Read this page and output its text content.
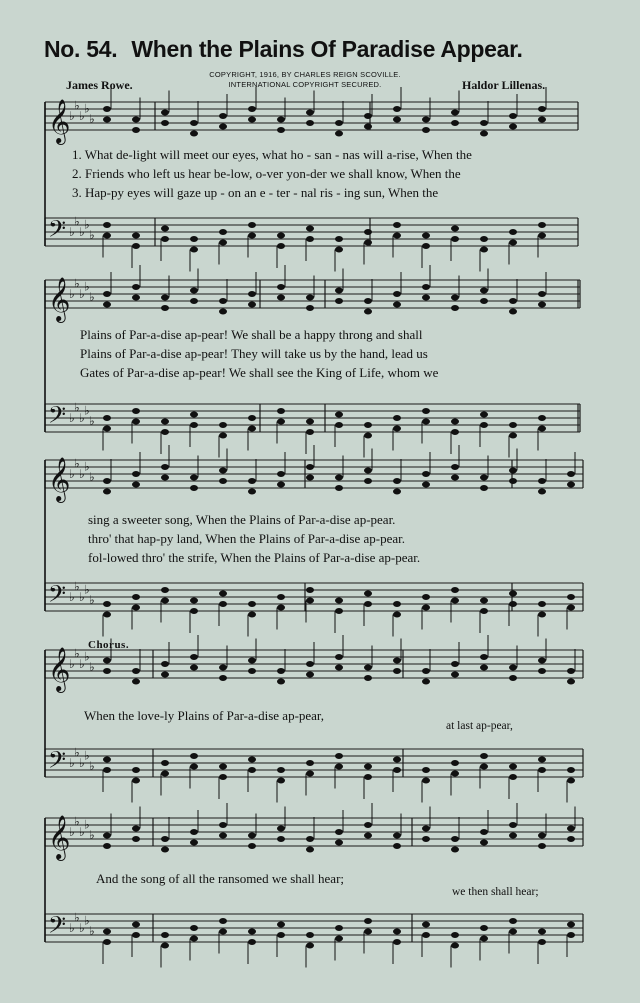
No. 54. When the Plains Of Paradise Appear.
James Rowe.
COPYRIGHT, 1916, BY CHARLES REIGN SCOVILLE.
INTERNATIONAL COPYRIGHT SECURED.	Haldor Lillenas.
𝄞
♭
♭
♭
♭
♭
𝄢 ♭
♭
♭
♭
♭
𝄞
♭
♭
♭
♭
♭
𝄢 ♭
♭
♭
♭
♭
𝄞
♭
♭
♭
♭
♭
𝄢 ♭
♭
♭
♭
♭
𝄞
♭
♭
♭
♭
♭
𝄢 ♭
♭
♭
♭
♭
𝄞
♭
♭
♭
♭
♭
𝄢 ♭
♭
♭
♭
♭
1. What de-light will meet our eyes, what ho - san - nas will a-rise, When the
2. Friends who left us hear be-low, o-ver yon-der we shall know, When the
3. Hap-py eyes will gaze up - on an e - ter - nal ris - ing sun, When the
Plains of Par-a-dise ap-pear! We shall be a happy throng and shall
Plains of Par-a-dise ap-pear! They will take us by the hand, lead us
Gates of Par-a-dise ap-pear! We shall see the King of Life, whom we
sing a sweeter song, When the Plains of Par-a-dise ap-pear.
thro' that hap-py land, When the Plains of Par-a-dise ap-pear.
fol-lowed thro' the strife, When the Plains of Par-a-dise ap-pear.
Chorus.
When the love-ly Plains of Par-a-dise ap-pear,
at last ap-pear,
And the song of all the ransomed we shall hear;
we then shall hear;
